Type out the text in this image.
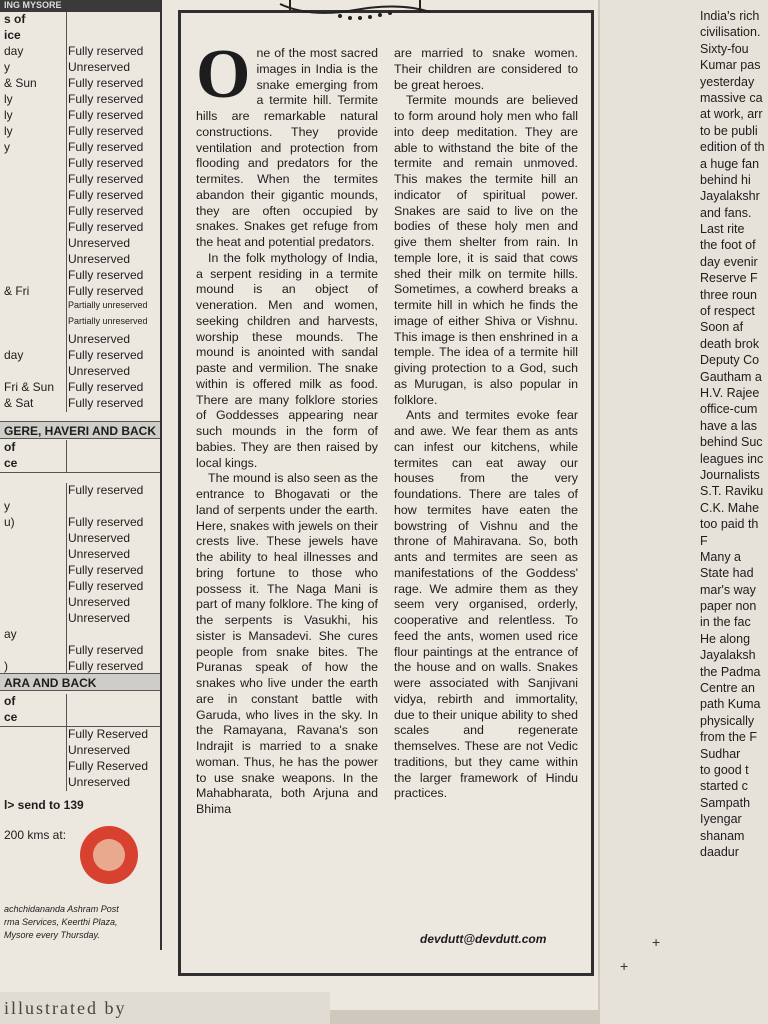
ING MYSORE
s of
ice
day	Fully reserved
y	Unreserved
& Sun	Fully reserved
ly	Fully reserved
ly	Fully reserved
ly	Fully reserved
y	Fully reserved
Fully reserved
Fully reserved
Fully reserved
Fully reserved
Fully reserved
Unreserved
Unreserved
Fully reserved
& Fri	Fully reserved
Partially unreserved
Partially unreserved
Unreserved
day	Fully reserved
Unreserved
Fri & Sun	Fully reserved
& Sat	Fully reserved
GERE, HAVERI AND BACK
of
ce
Fully reserved
y
u)	Fully reserved
Unreserved
Unreserved
Fully reserved
Fully reserved
Unreserved
Unreserved
ay
Fully reserved
)	Fully reserved
ARA AND BACK
of
ce
Fully Reserved
Unreserved
Fully Reserved
Unreserved
l> send to 139
200 kms at:
achchidananda Ashram Post
rma Services, Keerthi Plaza,
Mysore every Thursday.

One of the most sacred images in India is the snake emerging from a termite hill. Termite hills are remarkable natural constructions. They provide ventilation and protection from flooding and predators for the termites. When the termites abandon their gigantic mounds, they are often occupied by snakes. Snakes get refuge from the heat and potential predators.

In the folk mythology of India, a serpent residing in a termite mound is an object of veneration. Men and women, seeking children and harvests, worship these mounds. The mound is anointed with sandal paste and vermilion. The snake within is offered milk as food. There are many folklore stories of Goddesses appearing near such mounds in the form of babies. They are then raised by local kings.

The mound is also seen as the entrance to Bhogavati or the land of serpents under the earth. Here, snakes with jewels on their crests live. These jewels have the ability to heal illnesses and bring fortune to those who possess it. The Naga Mani is part of many folklore. The king of the serpents is Vasukhi, his sister is Mansadevi. She cures people from snake bites. The Puranas speak of how the snakes who live under the earth are in constant battle with Garuda, who lives in the sky. In the Ramayana, Ravana's son Indrajit is married to a snake woman. Thus, he has the power to use snake weapons. In the Mahabharata, both Arjuna and Bhima

are married to snake women. Their children are considered to be great heroes.

Termite mounds are believed to form around holy men who fall into deep meditation. They are able to withstand the bite of the termite and remain unmoved. This makes the termite hill an indicator of spiritual power. Snakes are said to live on the bodies of these holy men and give them shelter from rain. In temple lore, it is said that cows shed their milk on termite hills. Sometimes, a cowherd breaks a termite hill in which he finds the image of either Shiva or Vishnu. This image is then enshrined in a temple. The idea of a termite hill giving protection to a God, such as Murugan, is also popular in folklore.

Ants and termites evoke fear and awe. We fear them as ants can infest our kitchens, while termites can eat away our houses from the very foundations. There are tales of how termites have eaten the bowstring of Vishnu and the throne of Mahiravana. So, both ants and termites are seen as manifestations of the Goddess' rage. We admire them as they seem very organised, orderly, cooperative and relentless. To feed the ants, women used rice flour paintings at the entrance of the house and on walls. Snakes were associated with Sanjivani vidya, rebirth and immortality, due to their unique ability to shed scales and regenerate themselves. These are not Vedic traditions, but they came within the larger framework of Hindu practices.

devdutt@devdutt.com
India's rich
civilisation.
Sixty-fou
Kumar pas
yesterday
massive ca
at work, arr
to be publi
edition of th
a huge fan
behind hi
Jayalakshr
and fans.
Last rite
the foot of
day evenir
Reserve F
three roun
of respect
Soon af
death brok
Deputy Co
Gautham a
H.V. Rajee
office-cum
have a las
behind Suc
leagues inc
Journalists
S.T. Raviku
C.K. Mahe
too paid th
F
Many a
State had
mar's way
paper non
in the fac
He along
Jayalaksh
the Padma
Centre an
path Kuma
physically
from the F
Sudhar
to good t
started c
Sampath
Iyengar
shanam
daadur
+
+
illustrated by
